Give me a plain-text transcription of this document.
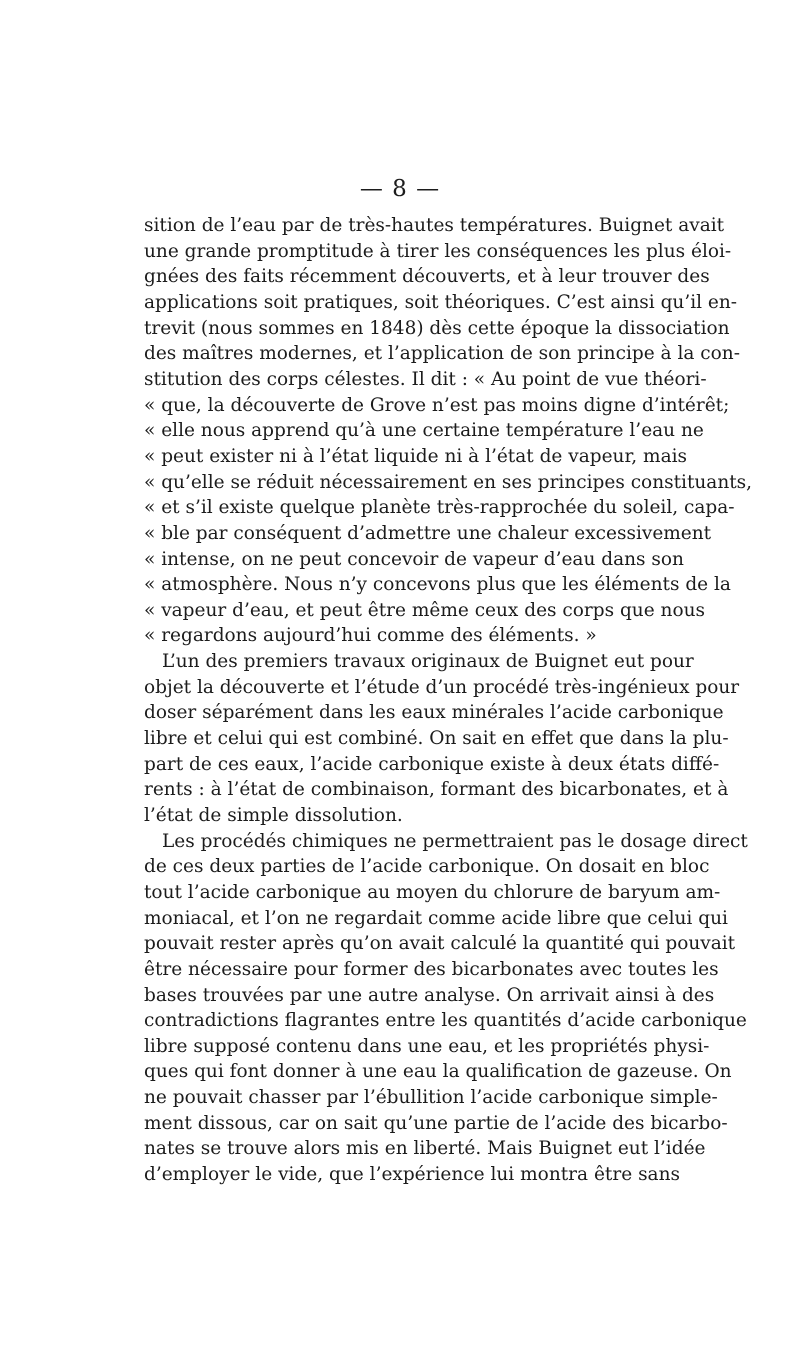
— 8 —
sition de l’eau par de très-hautes températures. Buignet avait
une grande promptitude à tirer les conséquences les plus éloi-
gnées des faits récemment découverts, et à leur trouver des
applications soit pratiques, soit théoriques. C’est ainsi qu’il en-
trevit (nous sommes en 1848) dès cette époque la dissociation
des maîtres modernes, et l’application de son principe à la con-
stitution des corps célestes. Il dit : « Au point de vue théori-
« que, la découverte de Grove n’est pas moins digne d’intérêt;
« elle nous apprend qu’à une certaine température l’eau ne
« peut exister ni à l’état liquide ni à l’état de vapeur, mais
« qu’elle se réduit nécessairement en ses principes constituants,
« et s’il existe quelque planète très-rapprochée du soleil, capa-
« ble par conséquent d’admettre une chaleur excessivement
« intense, on ne peut concevoir de vapeur d’eau dans son
« atmosphère. Nous n’y concevons plus que les éléments de la
« vapeur d’eau, et peut être même ceux des corps que nous
« regardons aujourd’hui comme des éléments. »
L’un des premiers travaux originaux de Buignet eut pour
objet la découverte et l’étude d’un procédé très-ingénieux pour
doser séparément dans les eaux minérales l’acide carbonique
libre et celui qui est combiné. On sait en effet que dans la plu-
part de ces eaux, l’acide carbonique existe à deux états diffé-
rents : à l’état de combinaison, formant des bicarbonates, et à
l’état de simple dissolution.
Les procédés chimiques ne permettraient pas le dosage direct
de ces deux parties de l’acide carbonique. On dosait en bloc
tout l’acide carbonique au moyen du chlorure de baryum am-
moniacal, et l’on ne regardait comme acide libre que celui qui
pouvait rester après qu’on avait calculé la quantité qui pouvait
être nécessaire pour former des bicarbonates avec toutes les
bases trouvées par une autre analyse. On arrivait ainsi à des
contradictions flagrantes entre les quantités d’acide carbonique
libre supposé contenu dans une eau, et les propriétés physi-
ques qui font donner à une eau la qualification de gazeuse. On
ne pouvait chasser par l’ébullition l’acide carbonique simple-
ment dissous, car on sait qu’une partie de l’acide des bicarbo-
nates se trouve alors mis en liberté. Mais Buignet eut l’idée
d’employer le vide, que l’expérience lui montra être sans
